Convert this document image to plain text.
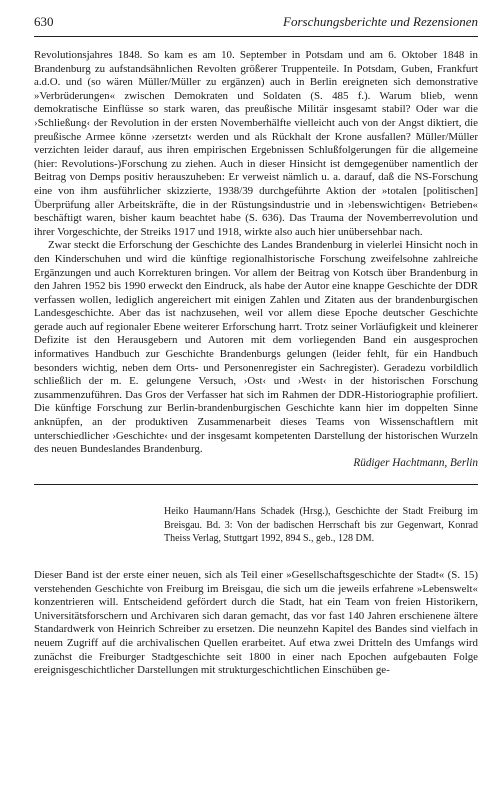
630	Forschungsberichte und Rezensionen

Revolutionsjahres 1848. So kam es am 10. September in Potsdam und am 6. Oktober 1848 in Brandenburg zu aufstandsähnlichen Revolten größerer Truppenteile. In Potsdam, Guben, Frankfurt a.d.O. und (so wären Müller/Müller zu ergänzen) auch in Berlin ereigneten sich demonstrative »Verbrüderungen« zwischen Demokraten und Soldaten (S. 485 f.). Warum blieb, wenn demokratische Einflüsse so stark waren, das preußische Militär insgesamt stabil? Oder war die ›Schließung‹ der Revolution in der ersten Novemberhälfte vielleicht auch von der Angst diktiert, die preußische Armee könne ›zersetzt‹ werden und als Rückhalt der Krone ausfallen? Müller/Müller verzichten leider darauf, aus ihren empirischen Ergebnissen Schlußfolgerungen für die allgemeine (hier: Revolutions-)Forschung zu ziehen. Auch in dieser Hinsicht ist demgegenüber namentlich der Beitrag von Demps positiv herauszuheben: Er verweist nämlich u. a. darauf, daß die NS-Forschung eine von ihm ausführlicher skizzierte, 1938/39 durchgeführte Aktion der »totalen [politischen] Überprüfung aller Arbeitskräfte, die in der Rüstungsindustrie und in ›lebenswichtigen‹ Betrieben« beschäftigt waren, bisher kaum beachtet habe (S. 636). Das Trauma der Novemberrevolution und ihrer Vorgeschichte, der Streiks 1917 und 1918, wirkte also auch hier unübersehbar nach.

Zwar steckt die Erforschung der Geschichte des Landes Brandenburg in vielerlei Hinsicht noch in den Kinderschuhen und wird die künftige regionalhistorische Forschung zweifelsohne zahlreiche Ergänzungen und auch Korrekturen bringen. Vor allem der Beitrag von Kotsch über Brandenburg in den Jahren 1952 bis 1990 erweckt den Eindruck, als habe der Autor eine knappe Geschichte der DDR verfassen wollen, lediglich angereichert mit einigen Zahlen und Zitaten aus der brandenburgischen Landesgeschichte. Aber das ist nachzusehen, weil vor allem diese Epoche deutscher Geschichte gerade auch auf regionaler Ebene weiterer Erforschung harrt. Trotz seiner Vorläufigkeit und kleinerer Defizite ist den Herausgebern und Autoren mit dem vorliegenden Band ein ausgesprochen informatives Handbuch zur Geschichte Brandenburgs gelungen (leider fehlt, für ein Handbuch besonders wichtig, neben dem Orts- und Personenregister ein Sachregister). Geradezu vorbildlich schließlich der m. E. gelungene Versuch, ›Ost‹ und ›West‹ in der historischen Forschung zusammenzuführen. Das Gros der Verfasser hat sich im Rahmen der DDR-Historiographie profiliert. Die künftige Forschung zur Berlin-brandenburgischen Geschichte kann hier im doppelten Sinne anknüpfen, an der produktiven Zusammenarbeit dieses Teams von Wissenschaftlern mit unterschiedlicher ›Geschichte‹ und der insgesamt kompetenten Darstellung der historischen Wurzeln des neuen Bundeslandes Brandenburg.

Rüdiger Hachtmann, Berlin
Heiko Haumann/Hans Schadek (Hrsg.), Geschichte der Stadt Freiburg im Breisgau. Bd. 3: Von der badischen Herrschaft bis zur Gegenwart, Konrad Theiss Verlag, Stuttgart 1992, 894 S., geb., 128 DM.
Dieser Band ist der erste einer neuen, sich als Teil einer »Gesellschaftsgeschichte der Stadt« (S. 15) verstehenden Geschichte von Freiburg im Breisgau, die sich um die jeweils erfahrene »Lebenswelt« konzentrieren will. Entscheidend gefördert durch die Stadt, hat ein Team von freien Historikern, Universitätsforschern und Archivaren sich daran gemacht, das vor fast 140 Jahren erschienene ältere Standardwerk von Heinrich Schreiber zu ersetzen. Die neunzehn Kapitel des Bandes sind vielfach in neuem Zugriff auf die archivalischen Quellen erarbeitet. Auf etwa zwei Dritteln des Umfangs wird zunächst die Freiburger Stadtgeschichte seit 1800 in einer nach Epochen aufgebauten Folge ereignisgeschichtlicher Darstellungen mit strukturgeschichtlichen Einschüben ge-
